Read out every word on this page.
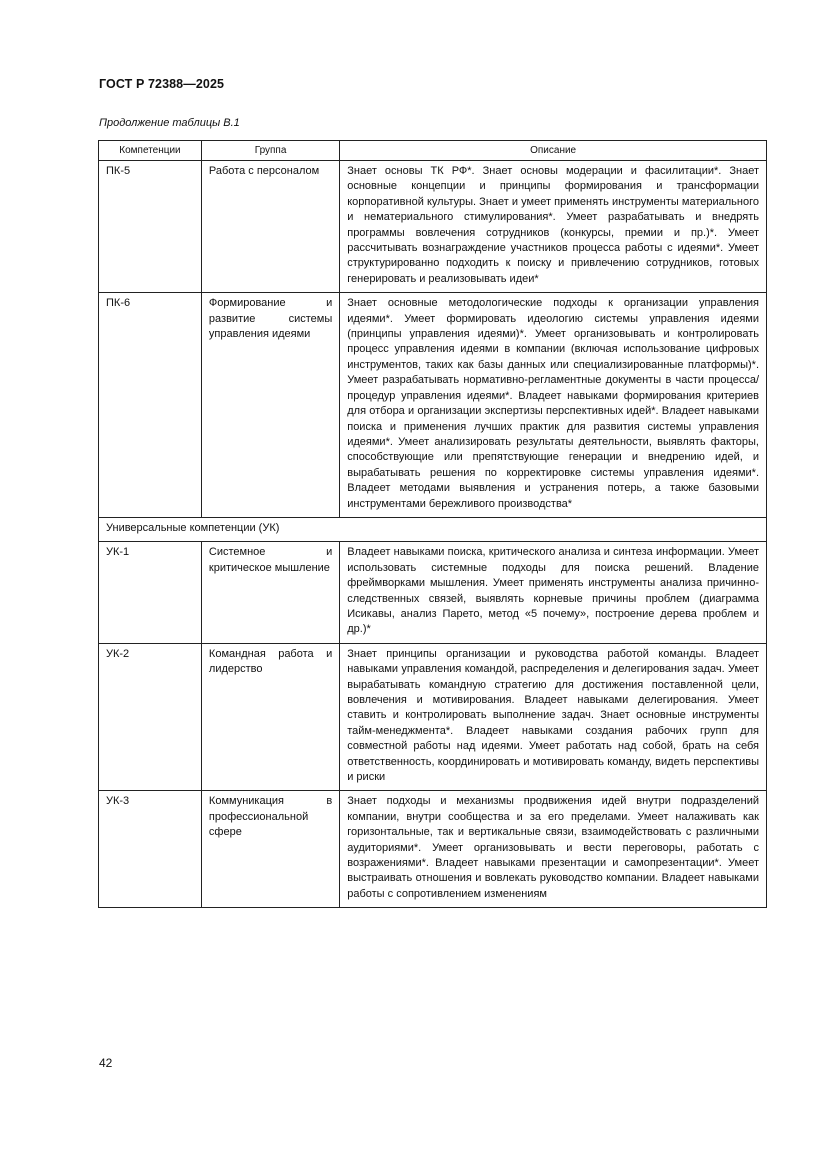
ГОСТ Р 72388—2025
Продолжение таблицы В.1
Компетенции	Группа	Описание
ПК-5	Работа с персоналом	Знает основы ТК РФ*. Знает основы модерации и фасилитации*. Знает основные концепции и принципы формирования и трансформации корпоративной культуры. Знает и умеет применять инструменты материального и нематериального стимулирования*. Умеет разрабатывать и внедрять программы вовлечения сотрудников (конкурсы, премии и пр.)*. Умеет рассчитывать вознаграждение участников процесса работы с идеями*. Умеет структурированно подходить к поиску и привлечению сотрудников, готовых генерировать и реализовывать идеи*
ПК-6	Формирование и развитие системы управления идеями	Знает основные методологические подходы к организации управления идеями*. Умеет формировать идеологию системы управления идеями (принципы управления идеями)*. Умеет организовывать и контролировать процесс управления идеями в компании (включая использование цифровых инструментов, таких как базы данных или специализированные платформы)*. Умеет разрабатывать нормативно-регламентные документы в части процесса/процедур управления идеями*. Владеет навыками формирования критериев для отбора и организации экспертизы перспективных идей*. Владеет навыками поиска и применения лучших практик для развития системы управления идеями*. Умеет анализировать результаты деятельности, выявлять факторы, способствующие или препятствующие генерации и внедрению идей, и вырабатывать решения по корректировке системы управления идеями*. Владеет методами выявления и устранения потерь, а также базовыми инструментами бережливого производства*
Универсальные компетенции (УК)		
УК-1	Системное и критическое мышление	Владеет навыками поиска, критического анализа и синтеза информации. Умеет использовать системные подходы для поиска решений. Владение фреймворками мышления. Умеет применять инструменты анализа причинно-следственных связей, выявлять корневые причины проблем (диаграмма Исикавы, анализ Парето, метод «5 почему», построение дерева проблем и др.)*
УК-2	Командная работа и лидерство	Знает принципы организации и руководства работой команды. Владеет навыками управления командой, распределения и делегирования задач. Умеет вырабатывать командную стратегию для достижения поставленной цели, вовлечения и мотивирования. Владеет навыками делегирования. Умеет ставить и контролировать выполнение задач. Знает основные инструменты тайм-менеджмента*. Владеет навыками создания рабочих групп для совместной работы над идеями. Умеет работать над собой, брать на себя ответственность, координировать и мотивировать команду, видеть перспективы и риски
УК-3	Коммуникация в профессиональной сфере	Знает подходы и механизмы продвижения идей внутри подразделений компании, внутри сообщества и за его пределами. Умеет налаживать как горизонтальные, так и вертикальные связи, взаимодействовать с различными аудиториями*. Умеет организовывать и вести переговоры, работать с возражениями*. Владеет навыками презентации и самопрезентации*. Умеет выстраивать отношения и вовлекать руководство компании. Владеет навыками работы с сопротивлением изменениям
42
